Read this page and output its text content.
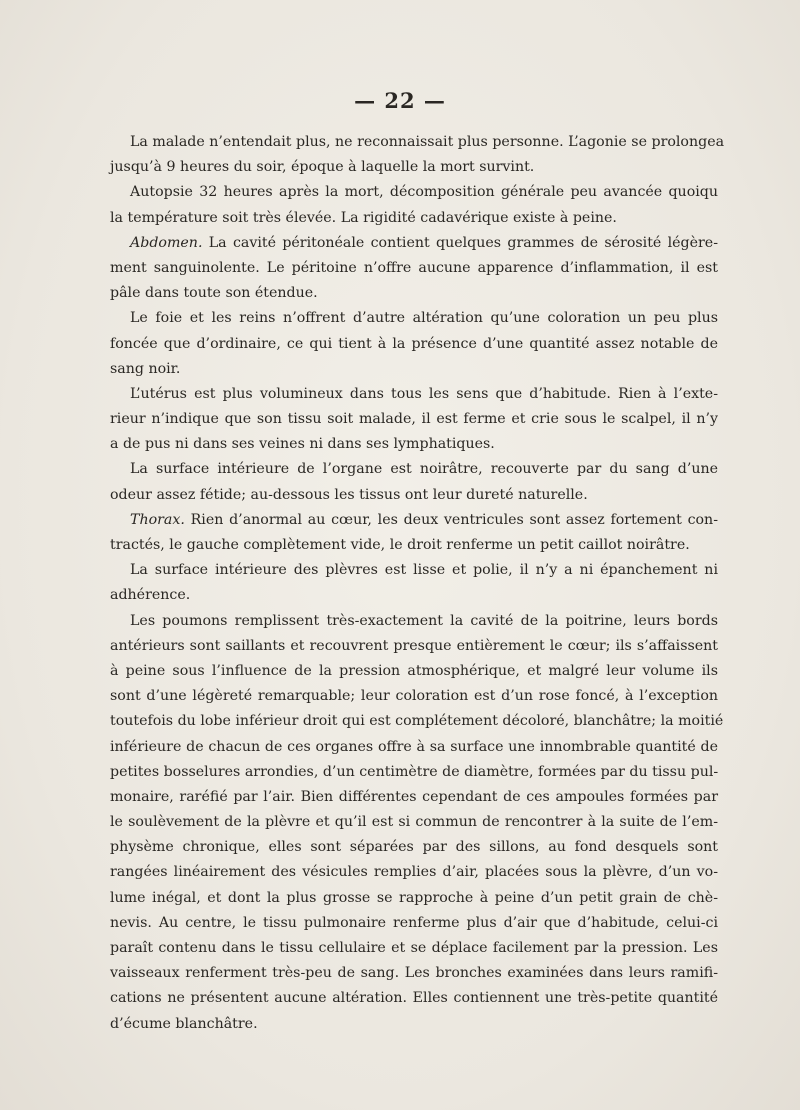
— 22 —
La malade n’entendait plus, ne reconnaissait plus personne. L’agonie se prolongea
jusqu’à 9 heures du soir, époque à laquelle la mort survint.
Autopsie 32 heures après la mort, décomposition générale peu avancée quoiqu
la température soit très élevée. La rigidité cadavérique existe à peine.
Abdomen. La cavité péritonéale contient quelques grammes de sérosité légère-
ment sanguinolente. Le péritoine n’offre aucune apparence d’inflammation, il est
pâle dans toute son étendue.
Le foie et les reins n’offrent d’autre altération qu’une coloration un peu plus
foncée que d’ordinaire, ce qui tient à la présence d’une quantité assez notable de
sang noir.
L’utérus est plus volumineux dans tous les sens que d’habitude. Rien à l’exte-
rieur n’indique que son tissu soit malade, il est ferme et crie sous le scalpel, il n’y
a de pus ni dans ses veines ni dans ses lymphatiques.
La surface intérieure de l’organe est noirâtre, recouverte par du sang d’une
odeur assez fétide; au-dessous les tissus ont leur dureté naturelle.
Thorax. Rien d’anormal au cœur, les deux ventricules sont assez fortement con-
tractés, le gauche complètement vide, le droit renferme un petit caillot noirâtre.
La surface intérieure des plèvres est lisse et polie, il n’y a ni épanchement ni
adhérence.
Les poumons remplissent très-exactement la cavité de la poitrine, leurs bords
antérieurs sont saillants et recouvrent presque entièrement le cœur; ils s’affaissent
à peine sous l’influence de la pression atmosphérique, et malgré leur volume ils
sont d’une légèreté remarquable; leur coloration est d’un rose foncé, à l’exception
toutefois du lobe inférieur droit qui est complétement décoloré, blanchâtre; la moitié
inférieure de chacun de ces organes offre à sa surface une innombrable quantité de
petites bosselures arrondies, d’un centimètre de diamètre, formées par du tissu pul-
monaire, raréfié par l’air. Bien différentes cependant de ces ampoules formées par
le soulèvement de la plèvre et qu’il est si commun de rencontrer à la suite de l’em-
physème chronique, elles sont séparées par des sillons, au fond desquels sont
rangées linéairement des vésicules remplies d’air, placées sous la plèvre, d’un vo-
lume inégal, et dont la plus grosse se rapproche à peine d’un petit grain de chè-
nevis. Au centre, le tissu pulmonaire renferme plus d’air que d’habitude, celui-ci
paraît contenu dans le tissu cellulaire et se déplace facilement par la pression. Les
vaisseaux renferment très-peu de sang. Les bronches examinées dans leurs ramifi-
cations ne présentent aucune altération. Elles contiennent une très-petite quantité
d’écume blanchâtre.
